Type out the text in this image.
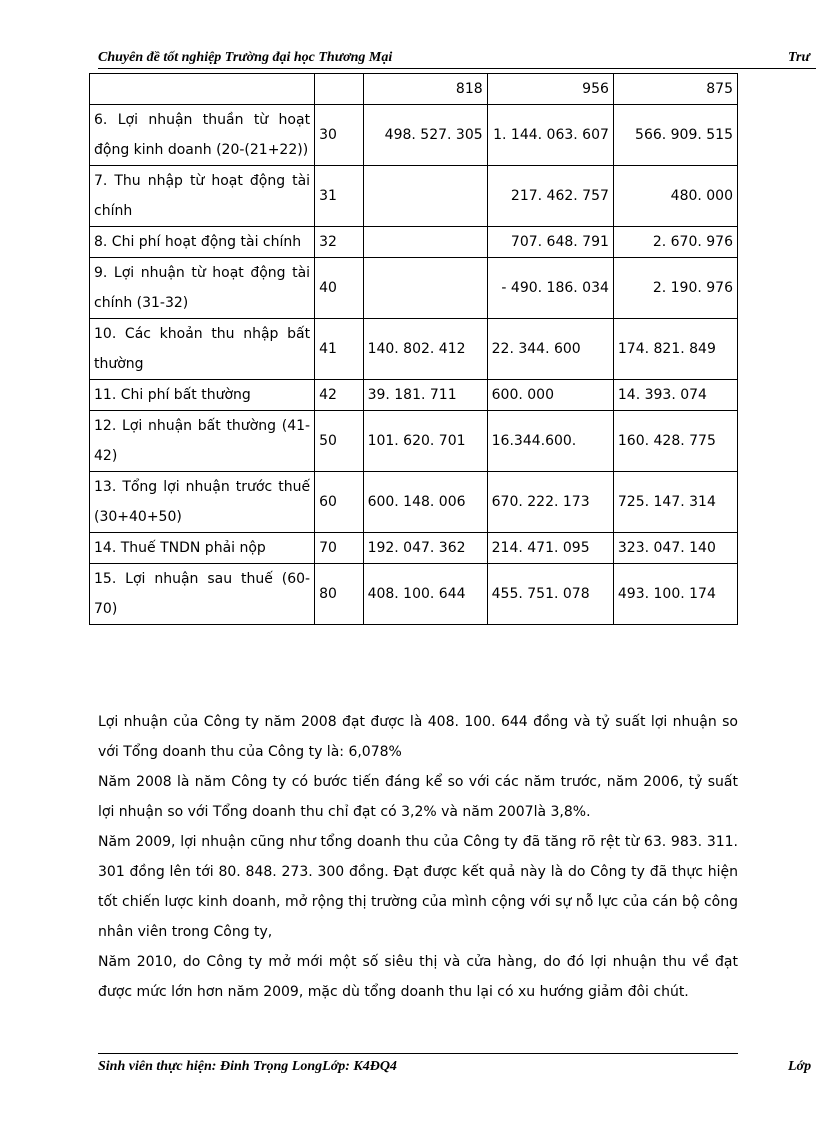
Chuyên đề tốt nghiệp Trường đại học Thương Mại	Trư
		818	956	875
6. Lợi nhuận thuần từ hoạt động kinh doanh (20-(21+22))	30	498. 527. 305	1. 144. 063. 607	566. 909. 515
7. Thu nhập từ hoạt động tài chính	31		217. 462. 757	480. 000
8. Chi phí hoạt động tài chính	32		707. 648. 791	2. 670. 976
9. Lợi nhuận từ hoạt động tài chính (31-32)	40		- 490. 186. 034	2. 190. 976
10. Các khoản thu nhập bất thường	41	140. 802. 412	22. 344. 600	174. 821. 849
11. Chi phí bất thường	42	39. 181. 711	600. 000	14. 393. 074
12. Lợi nhuận bất thường (41-42)	50	101. 620. 701	16.344.600.	160. 428. 775
13. Tổng lợi nhuận trước thuế (30+40+50)	60	600. 148. 006	670. 222. 173	725. 147. 314
14. Thuế TNDN phải nộp	70	192. 047. 362	214. 471. 095	323. 047. 140
15. Lợi nhuận sau thuế (60-70)	80	408. 100. 644	455. 751. 078	493. 100. 174

Lợi nhuận của Công ty năm 2008 đạt được là 408. 100. 644 đồng và tỷ suất lợi nhuận so với Tổng doanh thu của Công ty là: 6,078%

Năm 2008 là năm Công ty có bước tiến đáng kể so với các năm trước, năm 2006, tỷ suất lợi nhuận so với Tổng doanh thu chỉ đạt có 3,2% và năm 2007là 3,8%.

Năm 2009, lợi nhuận cũng như tổng doanh thu của Công ty đã tăng rõ rệt từ 63. 983. 311. 301 đồng lên tới 80. 848. 273. 300 đồng. Đạt được kết quả này là do Công ty đã thực hiện tốt chiến lược kinh doanh, mở rộng thị trường của mình cộng với sự nỗ lực của cán bộ công nhân viên trong Công ty,

Năm 2010, do Công ty mở mới một số siêu thị và cửa hàng, do đó lợi nhuận thu về đạt được mức lớn hơn năm 2009, mặc dù tổng doanh thu lại có xu hướng giảm đôi chút.

Sinh viên thực hiện: Đinh Trọng LongLớp: K4ĐQ4	Lớp
